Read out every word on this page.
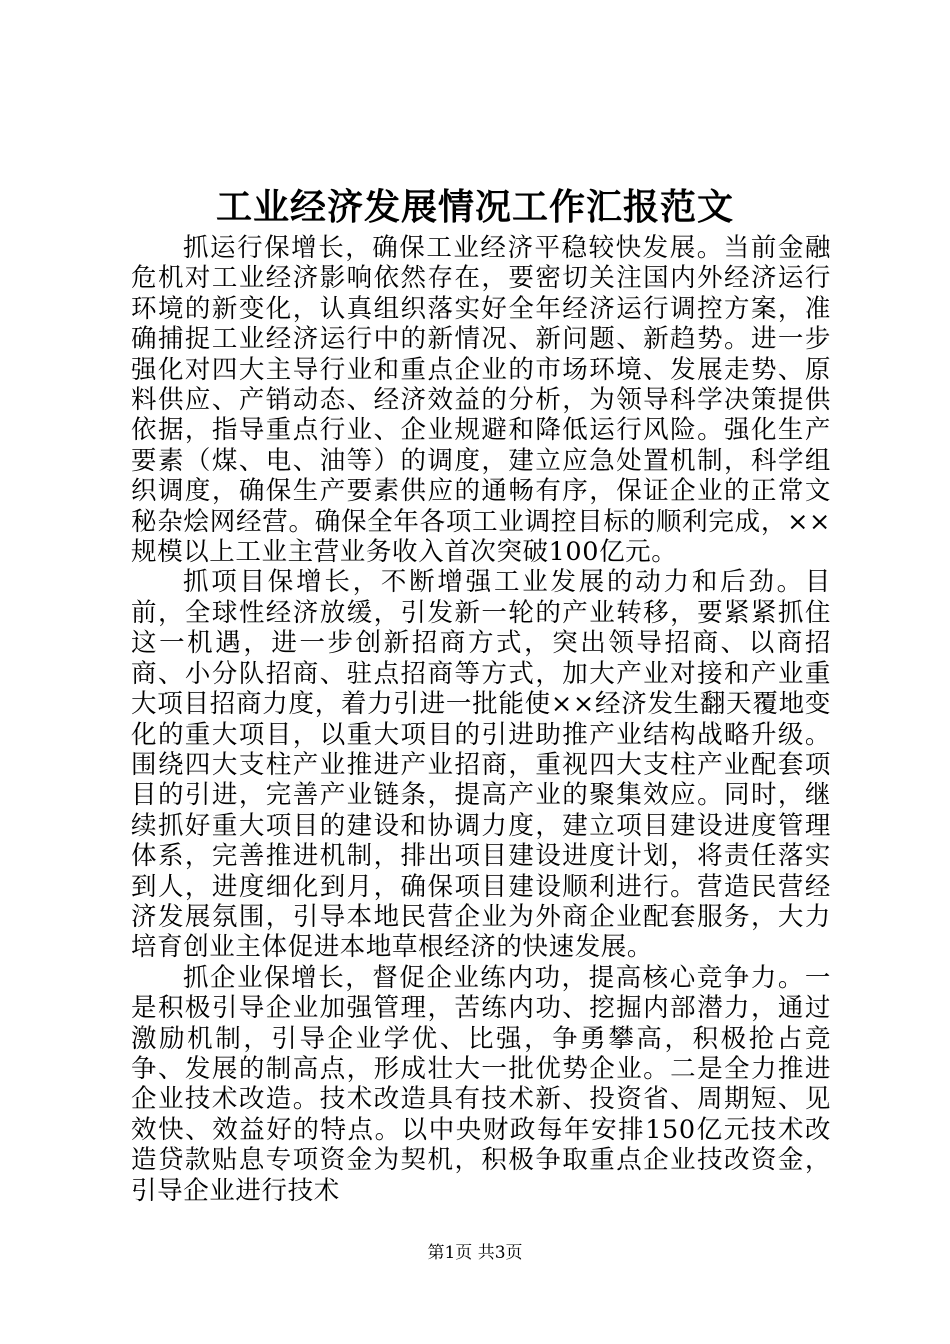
工业经济发展情况工作汇报范文

抓运行保增长，确保工业经济平稳较快发展。当前金融危机对工业经济影响依然存在，要密切关注国内外经济运行环境的新变化，认真组织落实好全年经济运行调控方案，准确捕捉工业经济运行中的新情况、新问题、新趋势。进一步强化对四大主导行业和重点企业的市场环境、发展走势、原料供应、产销动态、经济效益的分析，为领导科学决策提供依据，指导重点行业、企业规避和降低运行风险。强化生产要素（煤、电、油等）的调度，建立应急处置机制，科学组织调度，确保生产要素供应的通畅有序，保证企业的正常文秘杂烩网经营。确保全年各项工业调控目标的顺利完成，××规模以上工业主营业务收入首次突破100亿元。

抓项目保增长，不断增强工业发展的动力和后劲。目前，全球性经济放缓，引发新一轮的产业转移，要紧紧抓住这一机遇，进一步创新招商方式，突出领导招商、以商招商、小分队招商、驻点招商等方式，加大产业对接和产业重大项目招商力度，着力引进一批能使××经济发生翻天覆地变化的重大项目，以重大项目的引进助推产业结构战略升级。围绕四大支柱产业推进产业招商，重视四大支柱产业配套项目的引进，完善产业链条，提高产业的聚集效应。同时，继续抓好重大项目的建设和协调力度，建立项目建设进度管理体系，完善推进机制，排出项目建设进度计划，将责任落实到人，进度细化到月，确保项目建设顺利进行。营造民营经济发展氛围，引导本地民营企业为外商企业配套服务，大力培育创业主体促进本地草根经济的快速发展。

抓企业保增长，督促企业练内功，提高核心竞争力。一是积极引导企业加强管理，苦练内功、挖掘内部潜力，通过激励机制，引导企业学优、比强，争勇攀高，积极抢占竞争、发展的制高点，形成壮大一批优势企业。二是全力推进企业技术改造。技术改造具有技术新、投资省、周期短、见效快、效益好的特点。以中央财政每年安排150亿元技术改造贷款贴息专项资金为契机，积极争取重点企业技改资金，引导企业进行技术

第1页 共3页
